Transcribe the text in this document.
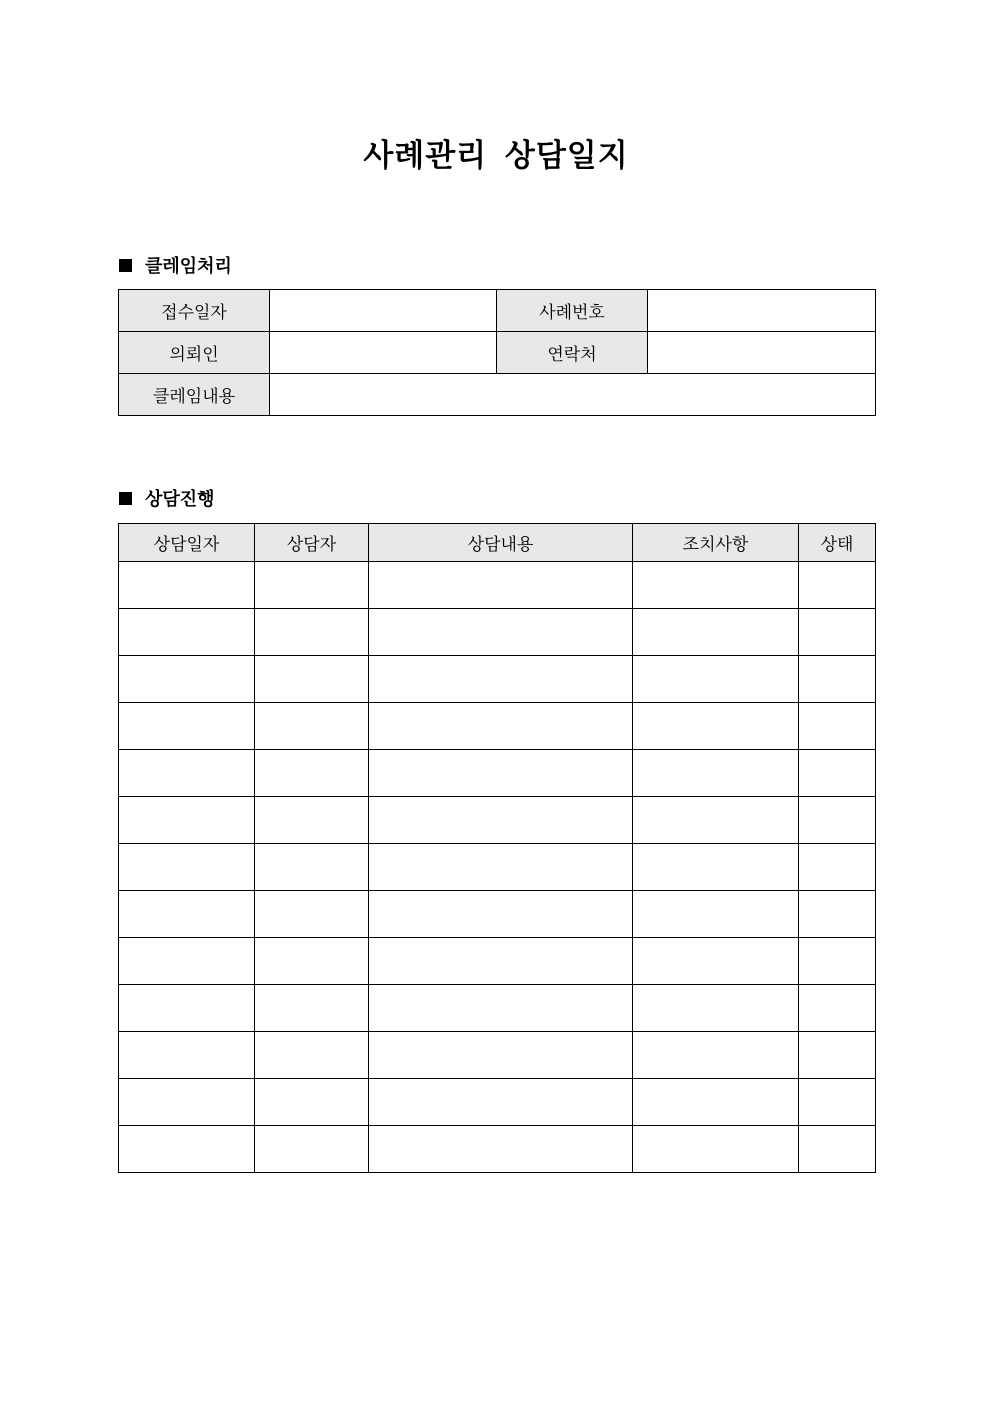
사례관리 상담일지
클레임처리
접수일자		사례번호	
의뢰인		연락처	
클레임내용			
상담진행
상담일자	상담자	상담내용	조치사항	상태
